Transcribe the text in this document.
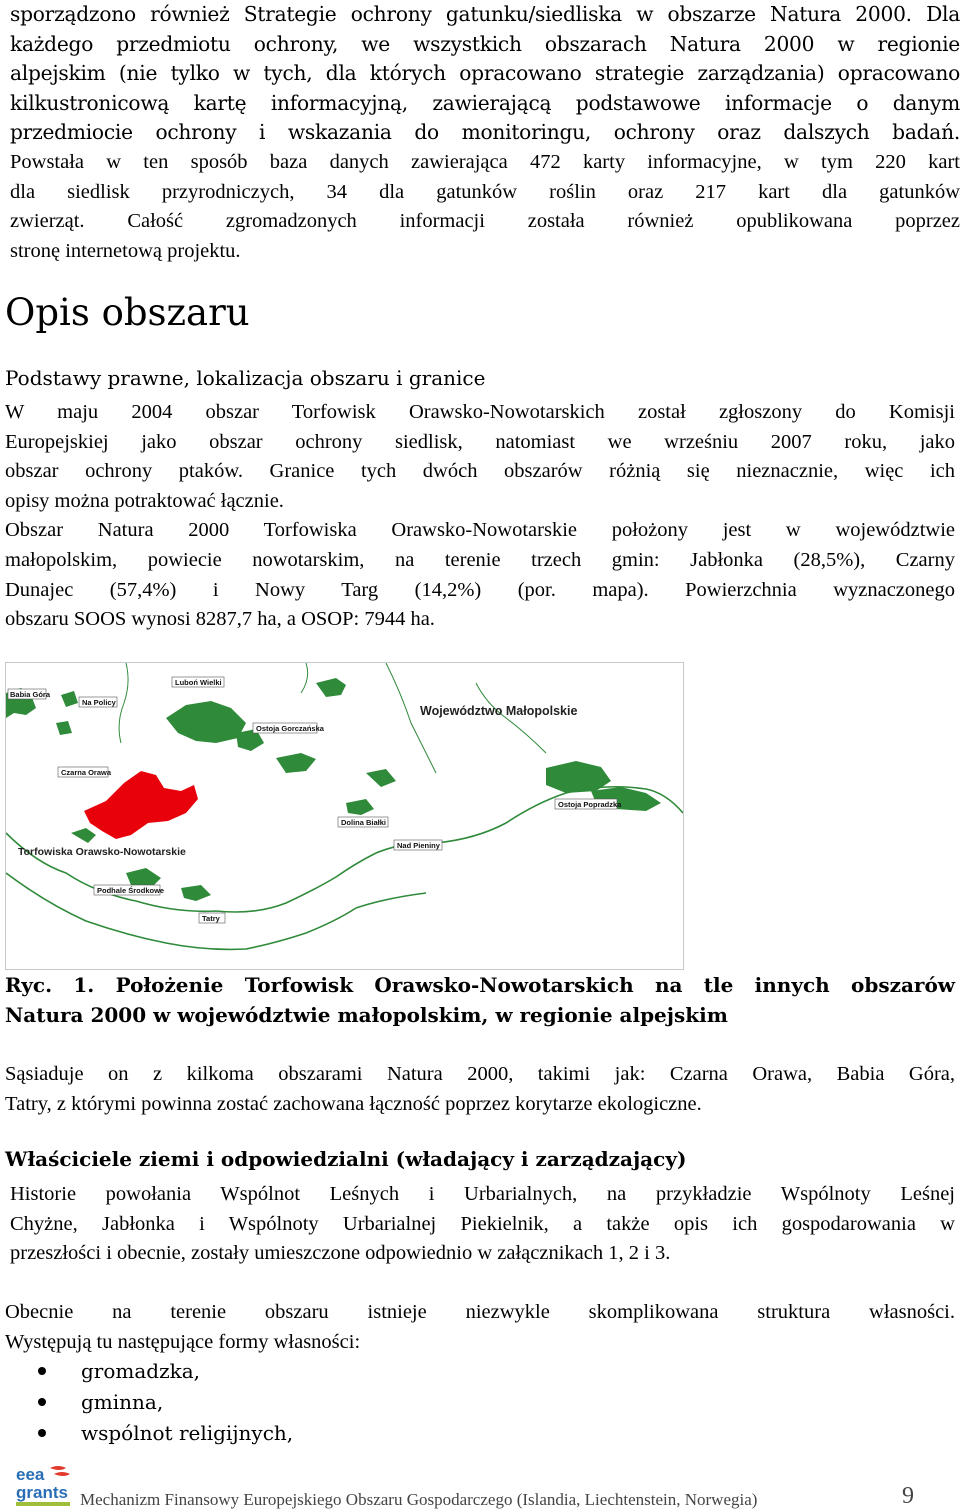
sporządzono również Strategie ochrony gatunku/siedliska w obszarze Natura 2000. Dla
każdego przedmiotu ochrony, we wszystkich obszarach Natura 2000 w regionie
alpejskim (nie tylko w tych, dla których opracowano strategie zarządzania) opracowano
kilkustronicową kartę informacyjną, zawierającą podstawowe informacje o danym
przedmiocie ochrony i wskazania do monitoringu, ochrony oraz dalszych badań.
Powstała w ten sposób baza danych zawierająca 472 karty informacyjne, w tym 220 kart
dla siedlisk przyrodniczych, 34 dla gatunków roślin oraz 217 kart dla gatunków
zwierząt. Całość zgromadzonych informacji została również opublikowana poprzez
stronę internetową projektu.
Opis obszaru
Podstawy prawne, lokalizacja obszaru i granice
W maju 2004 obszar Torfowisk Orawsko-Nowotarskich został zgłoszony do Komisji
Europejskiej jako obszar ochrony siedlisk, natomiast we wrześniu 2007 roku, jako
obszar ochrony ptaków. Granice tych dwóch obszarów różnią się nieznacznie, więc ich
opisy można potraktować łącznie.
Obszar Natura 2000 Torfowiska Orawsko-Nowotarskie położony jest w województwie
małopolskim, powiecie nowotarskim, na terenie trzech gmin: Jabłonka (28,5%), Czarny
Dunajec (57,4%) i Nowy Targ (14,2%) (por. mapa). Powierzchnia wyznaczonego
obszaru SOOS wynosi 8287,7 ha, a OSOP: 7944 ha.
Babia Góra
Na Policy
Luboń Wielki
Ostoja Gorczańska
Czarna Orawa
Ostoja Popradzka
Dolina Białki
Nad Pieniny
Podhale Środkowe
Tatry
Województwo Małopolskie
Torfowiska Orawsko-Nowotarskie
Ryc. 1. Położenie Torfowisk Orawsko-Nowotarskich na tle innych obszarów
Natura 2000 w województwie małopolskim, w regionie alpejskim
Sąsiaduje on z kilkoma obszarami Natura 2000, takimi jak: Czarna Orawa, Babia Góra,
Tatry, z którymi powinna zostać zachowana łączność poprzez korytarze ekologiczne.
Właściciele ziemi i odpowiedzialni (władający i zarządzający)
Historie powołania Wspólnot Leśnych i Urbarialnych, na przykładzie Wspólnoty Leśnej
Chyżne, Jabłonka i Wspólnoty Urbarialnej Piekielnik, a także opis ich gospodarowania w
przeszłości i obecnie, zostały umieszczone odpowiednio w załącznikach 1, 2 i 3.
Obecnie na terenie obszaru istnieje niezwykle skomplikowana struktura własności.
Występują tu następujące formy własności:
gromadzka,
gminna,
wspólnot religijnych,
eea
grants Mechanizm Finansowy Europejskiego Obszaru Gospodarczego (Islandia, Liechtenstein, Norwegia)	9
